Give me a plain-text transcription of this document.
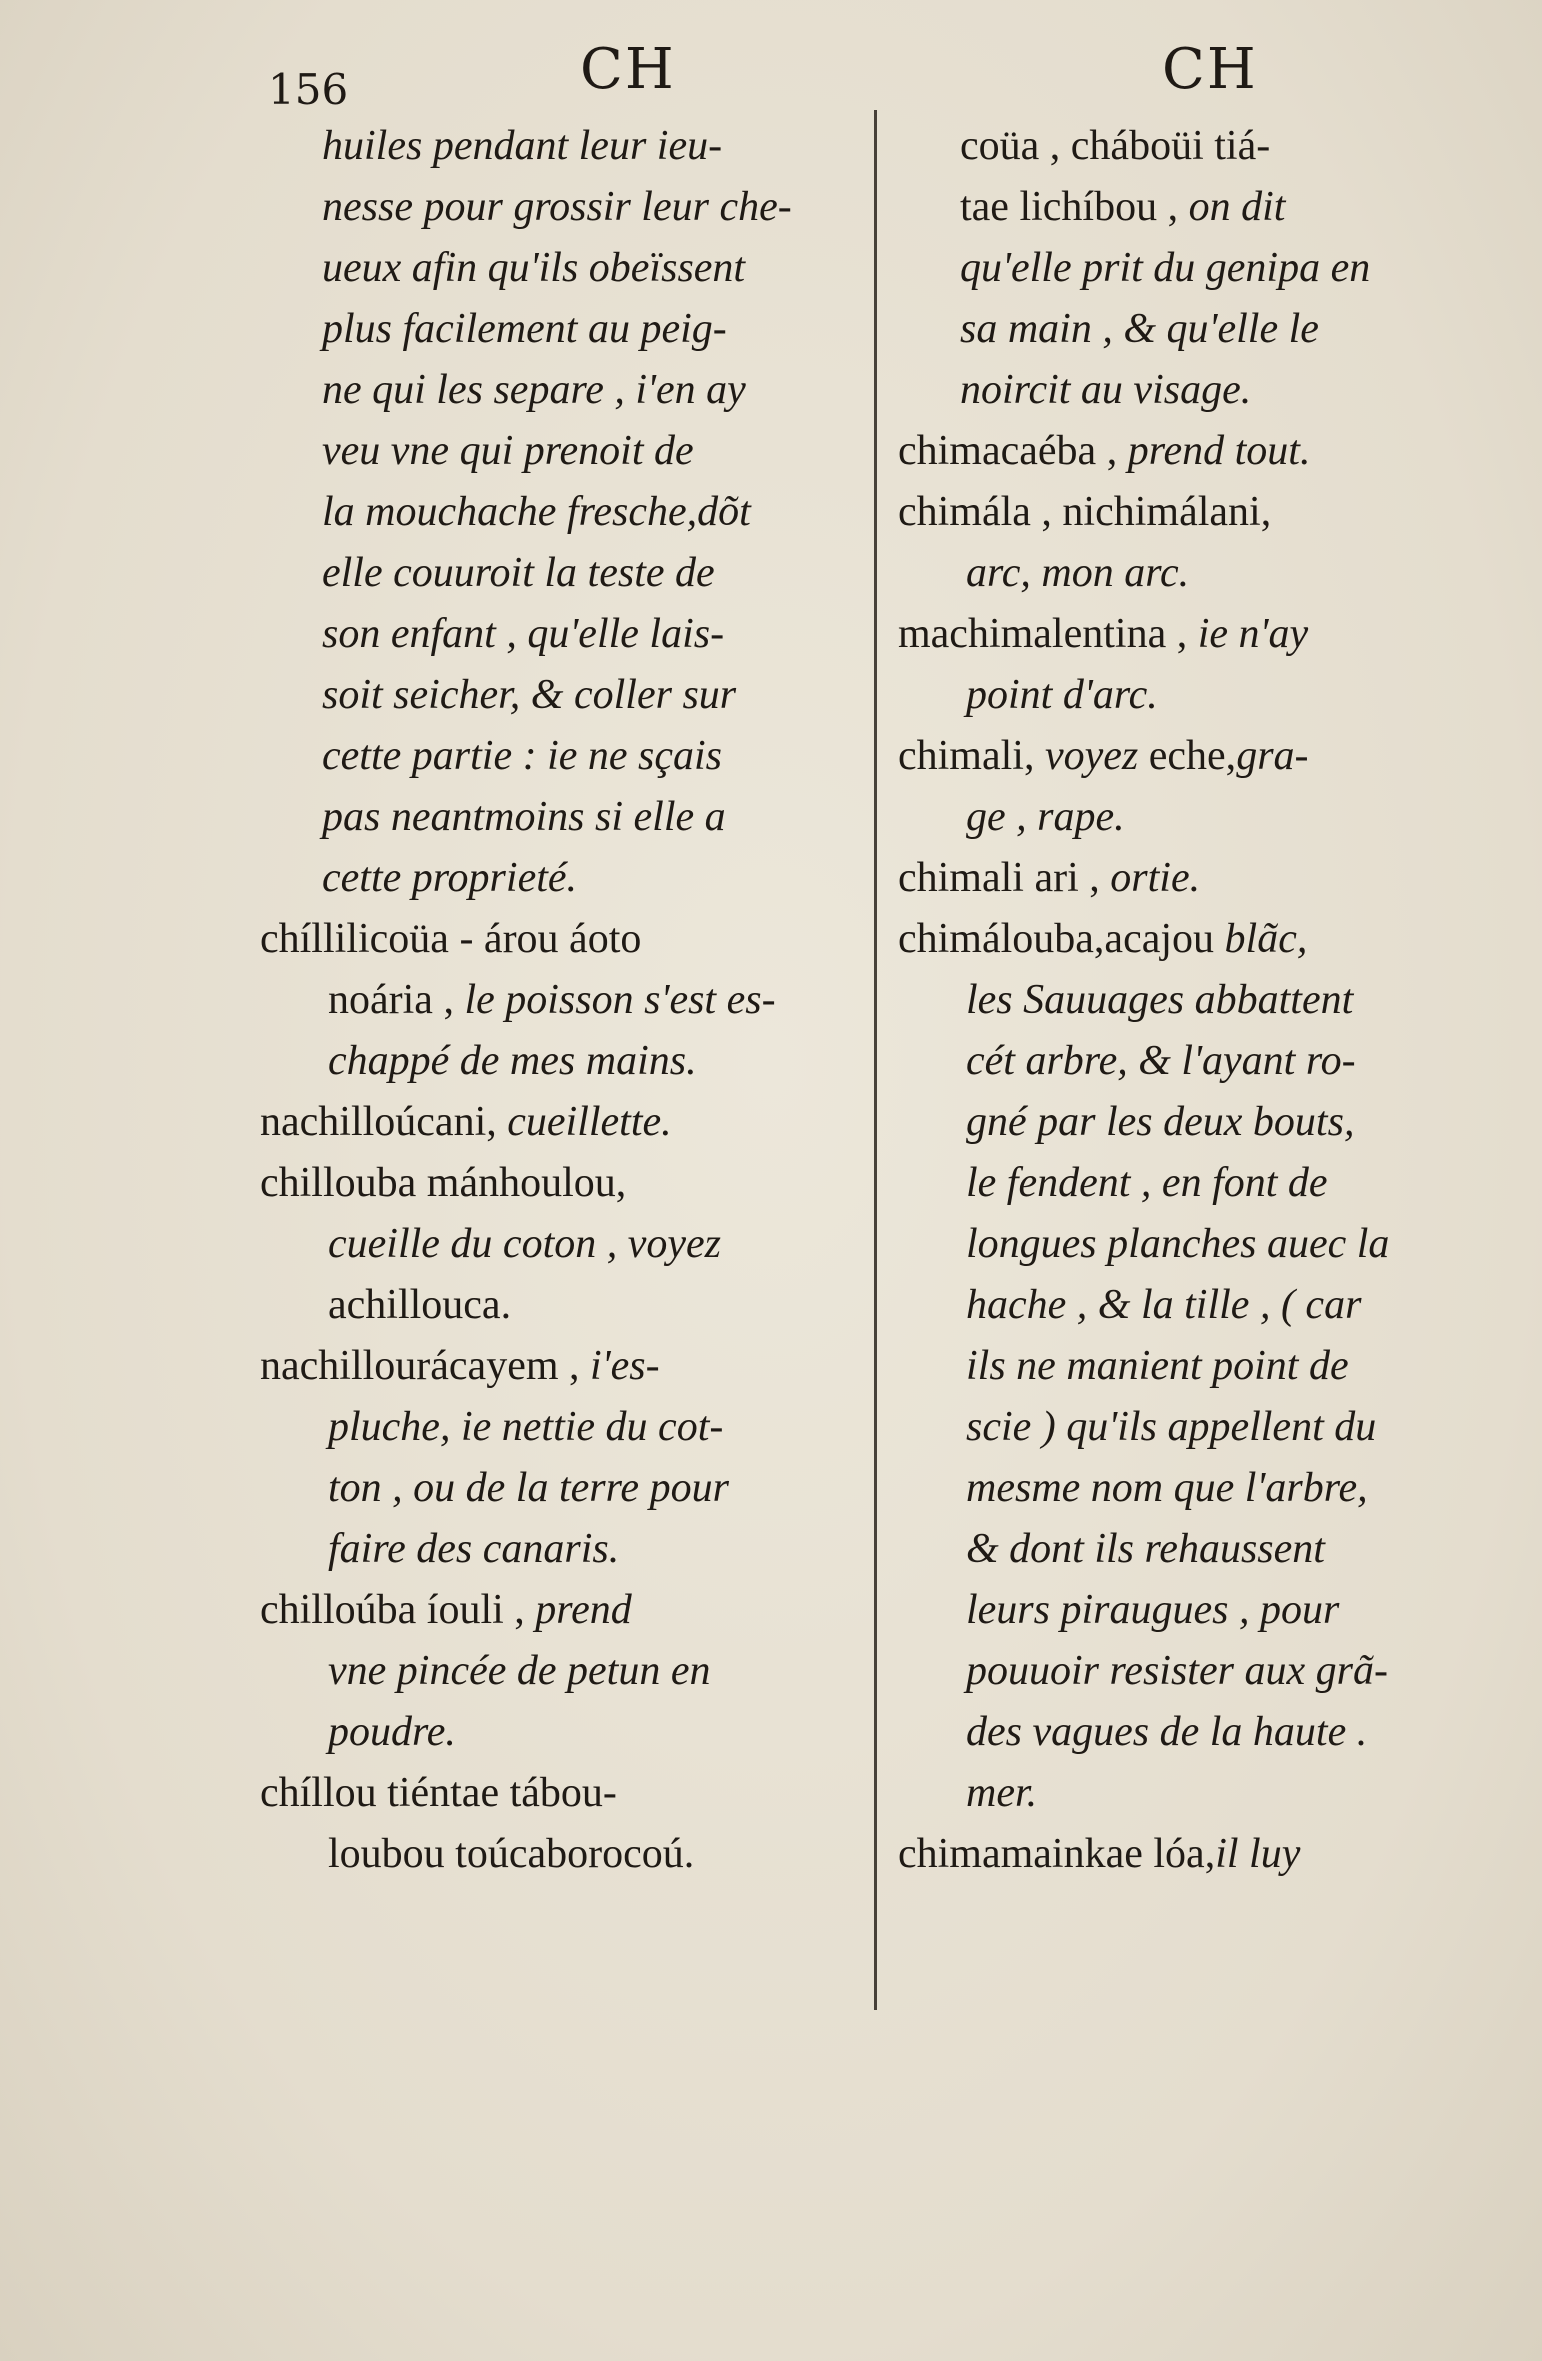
156	CH	CH
huiles pendant leur ieu-
nesse pour grossir leur che-
ueux afin qu'ils obeïssent
plus facilement au peig-
ne qui les separe , i'en ay
veu vne qui prenoit de
la mouchache fresche,dõt
elle couuroit la teste de
son enfant , qu'elle lais-
soit seicher, & coller sur
cette partie : ie ne sçais
pas neantmoins si elle a
cette proprieté.
chíllilicoüa - árou áoto
noária , le poisson s'est es-
chappé de mes mains.
nachilloúcani, cueillette.
chillouba mánhoulou,
cueille du coton , voyez
achillouca.
nachillourácayem , i'es-
pluche, ie nettie du cot-
ton , ou de la terre pour
faire des canaris.
chilloúba íouli , prend
vne pincée de petun en
poudre.
chíllou tiéntae tábou-
loubou toúcaborocoú.
coüa , cháboüi tiá-
tae lichíbou , on dit
qu'elle prit du genipa en
sa main , & qu'elle le
noircit au visage.
chimacaéba , prend tout.
chimála , nichimálani,
arc, mon arc.
machimalentina , ie n'ay
point d'arc.
chimali, voyez eche,gra-
ge , rape.
chimali ari , ortie.
chimálouba,acajou blãc,
les Sauuages abbattent
cét arbre, & l'ayant ro-
gné par les deux bouts,
le fendent , en font de
longues planches auec la
hache , & la tille , ( car
ils ne manient point de
scie ) qu'ils appellent du
mesme nom que l'arbre,
& dont ils rehaussent
leurs piraugues , pour
pouuoir resister aux grã-
des vagues de la haute .
mer.
chimamainkae lóa,il luy
